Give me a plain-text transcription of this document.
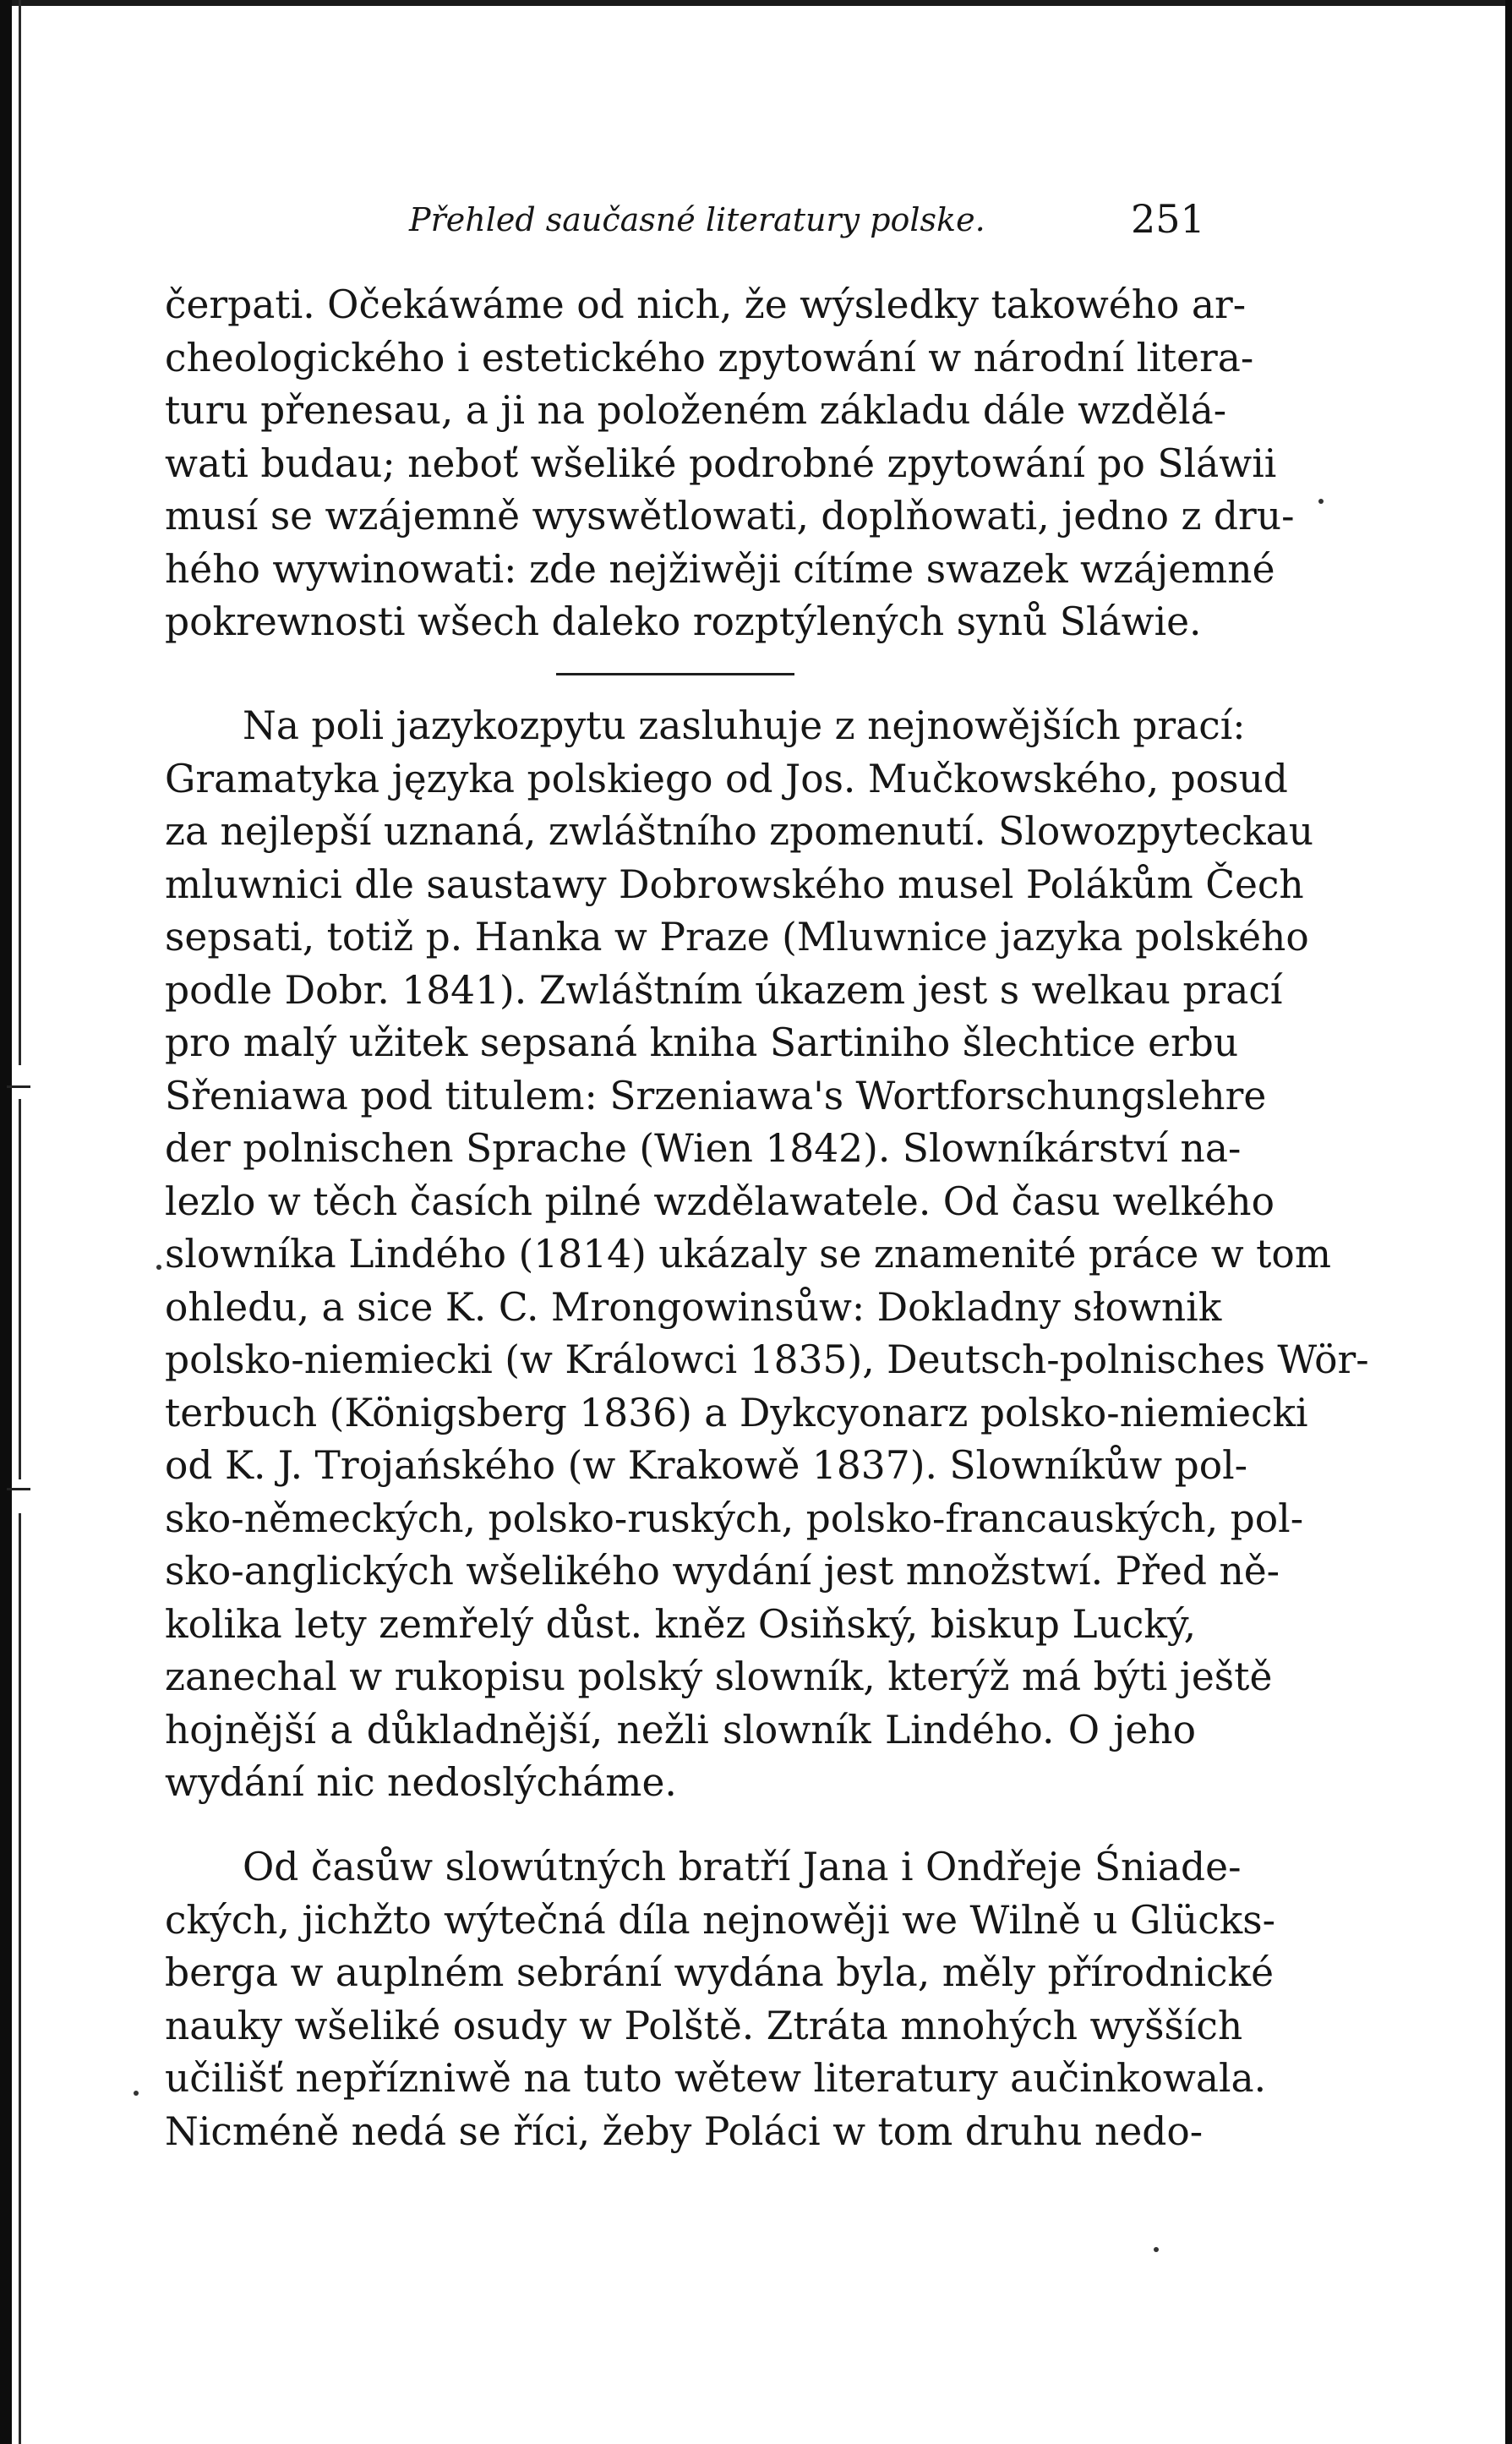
Přehled saučasné literatury polske.	251
čerpati. Očekáwáme od nich, že wýsledky takowého ar-
cheologického i estetického zpytowání w národní litera-
turu přenesau, a ji na položeném základu dále wzdělá-
wati budau; neboť wšeliké podrobné zpytowání po Sláwii
musí se wzájemně wyswětlowati, doplňowati, jedno z dru-
hého wywinowati: zde nejžiwěji cítíme swazek wzájemné
pokrewnosti wšech daleko rozptýlených synů Sláwie.
Na poli jazykozpytu zasluhuje z nejnowějších prací:
Gramatyka języka polskiego od Jos. Mučkowského, posud
za nejlepší uznaná, zwláštního zpomenutí. Slowozpyteckau
mluwnici dle saustawy Dobrowského musel Polákům Čech
sepsati, totiž p. Hanka w Praze (Mluwnice jazyka polského
podle Dobr. 1841). Zwláštním úkazem jest s welkau prací
pro malý užitek sepsaná kniha Sartiniho šlechtice erbu
Sřeniawa pod titulem: Srzeniawa's Wortforschungslehre
der polnischen Sprache (Wien 1842). Slowníkárství na-
lezlo w těch časích pilné wzdělawatele. Od času welkého
slowníka Lindého (1814) ukázaly se znamenité práce w tom
ohledu, a sice K. C. Mrongowinsůw: Dokladny słownik
polsko-niemiecki (w Králowci 1835), Deutsch-polnisches Wör-
terbuch (Königsberg 1836) a Dykcyonarz polsko-niemiecki
od K. J. Trojańského (w Krakowě 1837). Slowníkůw pol-
sko-německých, polsko-ruských, polsko-francauských, pol-
sko-anglických wšelikého wydání jest množstwí. Před ně-
kolika lety zemřelý důst. kněz Osiňský, biskup Lucký,
zanechal w rukopisu polský slowník, kterýž má býti ještě
hojnější a důkladnější, nežli slowník Lindého. O jeho
wydání nic nedoslýcháme.
Od časůw slowútných bratří Jana i Ondřeje Śniade-
ckých, jichžto wýtečná díla nejnowěji we Wilně u Glücks-
berga w auplném sebrání wydána byla, měly přírodnické
nauky wšeliké osudy w Polště. Ztráta mnohých wyšších
učilišť nepřízniwě na tuto wětew literatury aučinkowala.
Nicméně nedá se říci, žeby Poláci w tom druhu nedo-
